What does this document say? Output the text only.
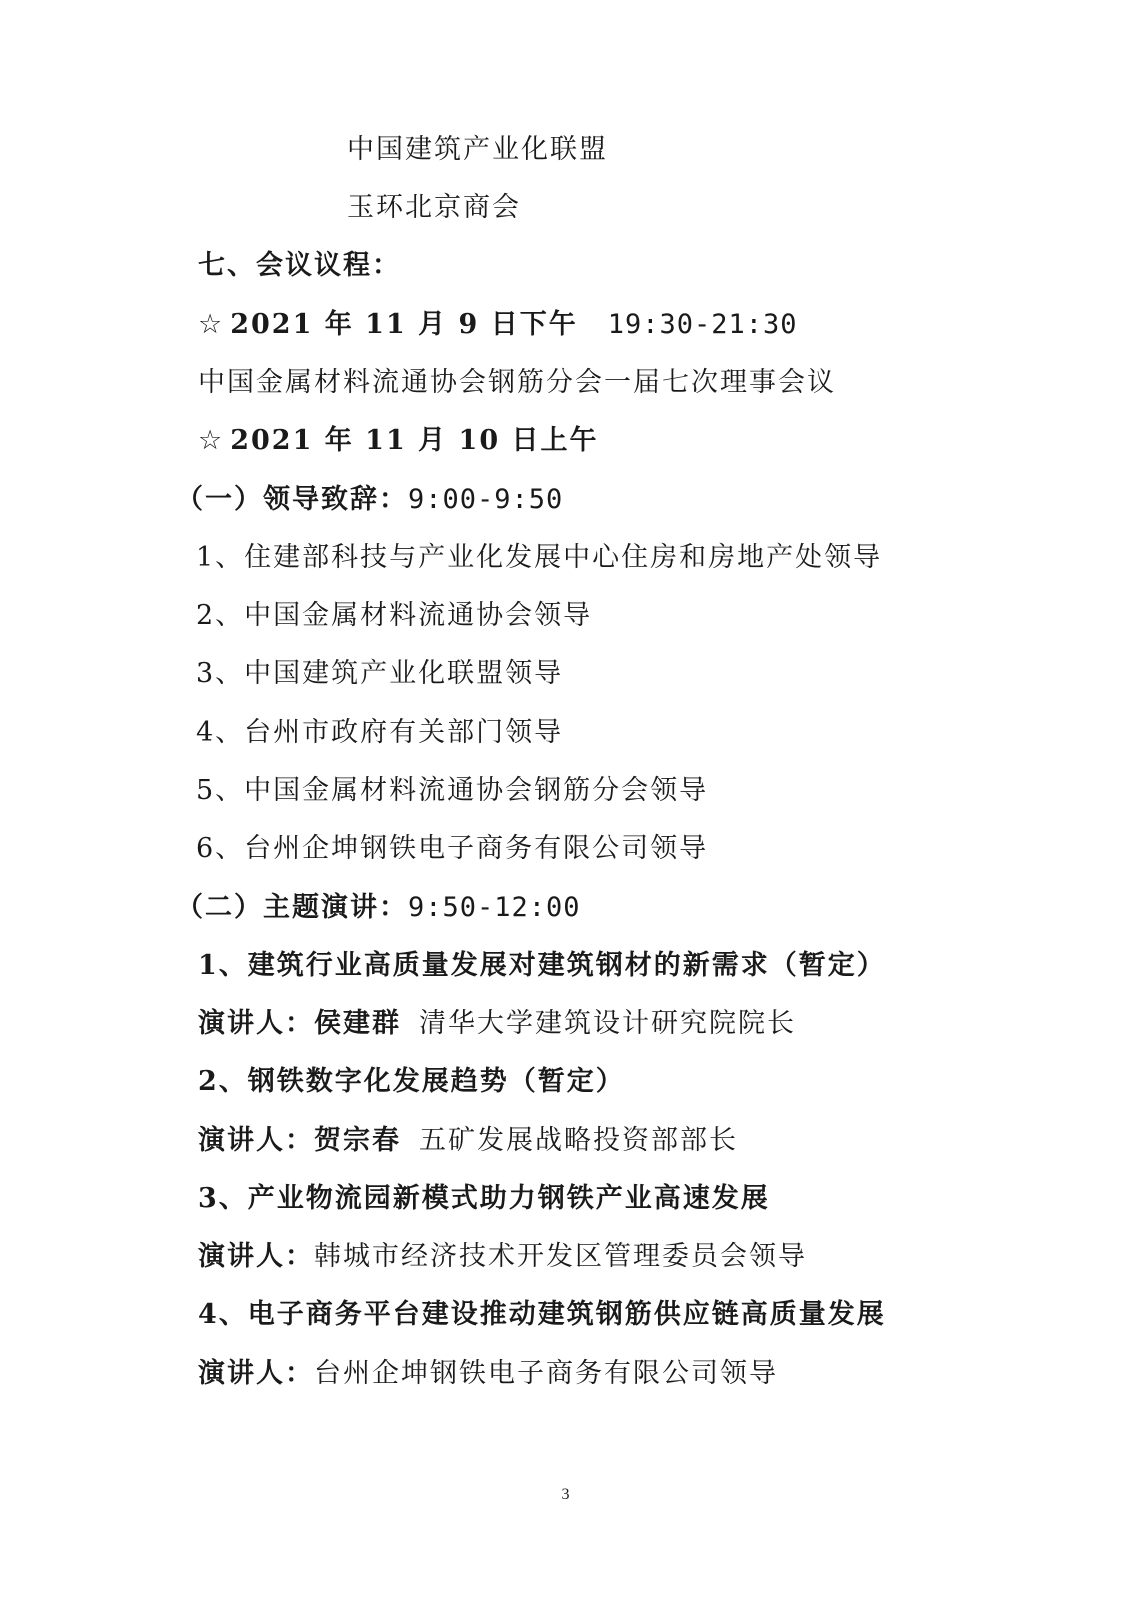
中国建筑产业化联盟
玉环北京商会
七、会议议程：
☆ 2021 年 11 月 9 日下午 19:30-21:30
中国金属材料流通协会钢筋分会一届七次理事会议
☆ 2021 年 11 月 10 日上午
（一）领导致辞：9:00-9:50
1、住建部科技与产业化发展中心住房和房地产处领导
2、中国金属材料流通协会领导
3、中国建筑产业化联盟领导
4、台州市政府有关部门领导
5、中国金属材料流通协会钢筋分会领导
6、台州企坤钢铁电子商务有限公司领导
（二）主题演讲：9:50-12:00
1、建筑行业高质量发展对建筑钢材的新需求（暂定）
演讲人：侯建群 清华大学建筑设计研究院院长
2、钢铁数字化发展趋势（暂定）
演讲人：贺宗春 五矿发展战略投资部部长
3、产业物流园新模式助力钢铁产业高速发展
演讲人：韩城市经济技术开发区管理委员会领导
4、电子商务平台建设推动建筑钢筋供应链高质量发展
演讲人：台州企坤钢铁电子商务有限公司领导
3
